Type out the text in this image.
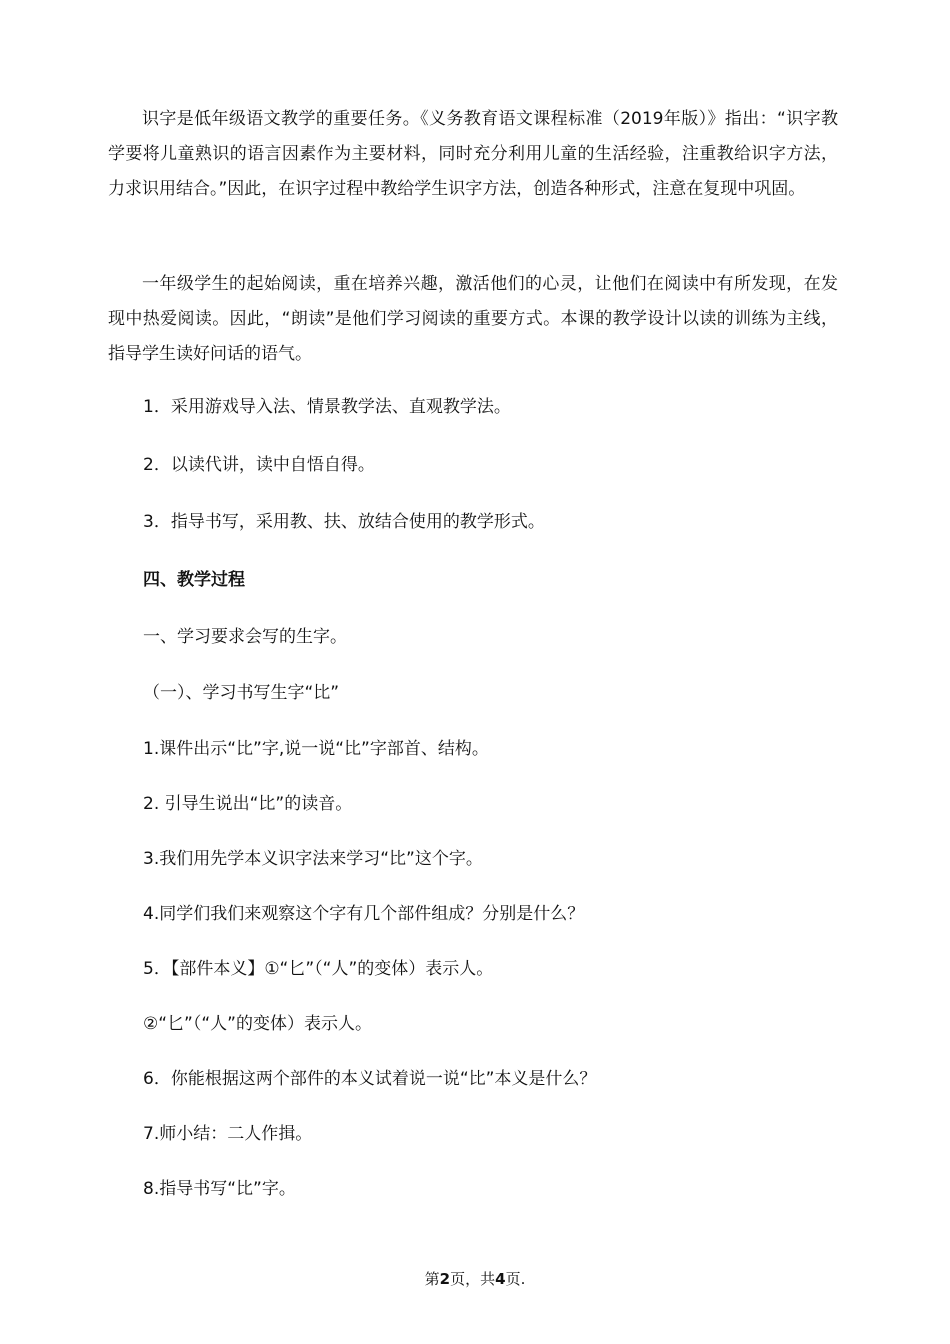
识字是低年级语文教学的重要任务。《义务教育语文课程标准（2019年版）》指出：“识字教学要将儿童熟识的语言因素作为主要材料，同时充分利用儿童的生活经验，注重教给识字方法，力求识用结合。”因此，在识字过程中教给学生识字方法，创造各种形式，注意在复现中巩固。

一年级学生的起始阅读，重在培养兴趣，激活他们的心灵，让他们在阅读中有所发现，在发现中热爱阅读。因此，“朗读”是他们学习阅读的重要方式。本课的教学设计以读的训练为主线，指导学生读好问话的语气。

1．采用游戏导入法、情景教学法、直观教学法。

2．以读代讲，读中自悟自得。

3．指导书写，采用教、扶、放结合使用的教学形式。

四、教学过程

一、学习要求会写的生字。

（一）、学习书写生字“比”

1.课件出示“比”字,说一说“比”字部首、结构。

2. 引导生说出“比”的读音。

3.我们用先学本义识字法来学习“比”这个字。

4.同学们我们来观察这个字有几个部件组成？分别是什么？

5．【部件本义】①“匕”（“人”的变体）表示人。

②“匕”（“人”的变体）表示人。

6．你能根据这两个部件的本义试着说一说“比”本义是什么？

7.师小结：二人作揖。

8.指导书写“比”字。

第2页，共4页.
